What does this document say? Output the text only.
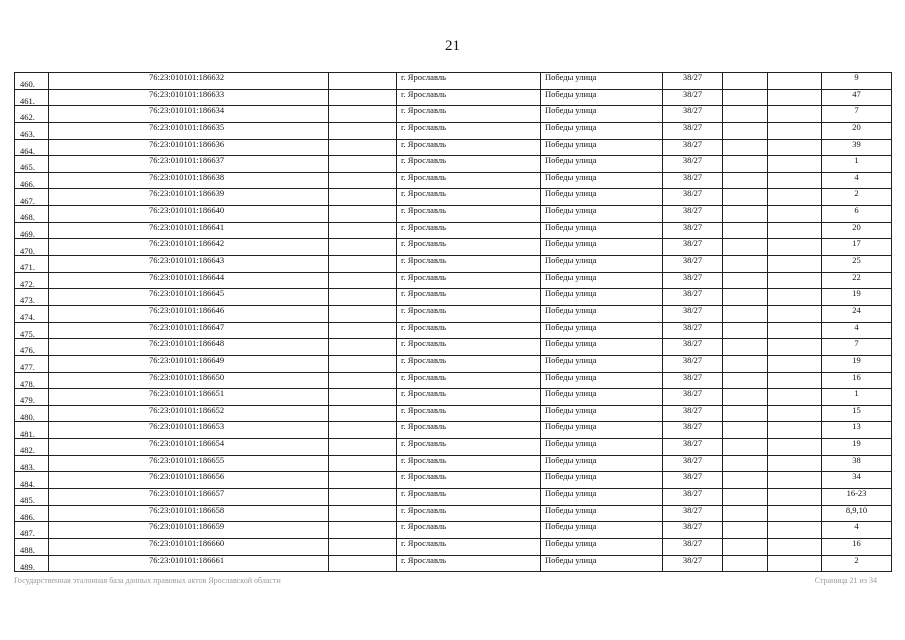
21
460.	76:23:010101:186632		г. Ярославль	Победы улица	38/27			9
461.	76:23:010101:186633		г. Ярославль	Победы улица	38/27			47
462.	76:23:010101:186634		г. Ярославль	Победы улица	38/27			7
463.	76:23:010101:186635		г. Ярославль	Победы улица	38/27			20
464.	76:23:010101:186636		г. Ярославль	Победы улица	38/27			39
465.	76:23:010101:186637		г. Ярославль	Победы улица	38/27			1
466.	76:23:010101:186638		г. Ярославль	Победы улица	38/27			4
467.	76:23:010101:186639		г. Ярославль	Победы улица	38/27			2
468.	76:23:010101:186640		г. Ярославль	Победы улица	38/27			6
469.	76:23:010101:186641		г. Ярославль	Победы улица	38/27			20
470.	76:23:010101:186642		г. Ярославль	Победы улица	38/27			17
471.	76:23:010101:186643		г. Ярославль	Победы улица	38/27			25
472.	76:23:010101:186644		г. Ярославль	Победы улица	38/27			22
473.	76:23:010101:186645		г. Ярославль	Победы улица	38/27			19
474.	76:23:010101:186646		г. Ярославль	Победы улица	38/27			24
475.	76:23:010101:186647		г. Ярославль	Победы улица	38/27			4
476.	76:23:010101:186648		г. Ярославль	Победы улица	38/27			7
477.	76:23:010101:186649		г. Ярославль	Победы улица	38/27			19
478.	76:23:010101:186650		г. Ярославль	Победы улица	38/27			16
479.	76:23:010101:186651		г. Ярославль	Победы улица	38/27			1
480.	76:23:010101:186652		г. Ярославль	Победы улица	38/27			15
481.	76:23:010101:186653		г. Ярославль	Победы улица	38/27			13
482.	76:23:010101:186654		г. Ярославль	Победы улица	38/27			19
483.	76:23:010101:186655		г. Ярославль	Победы улица	38/27			38
484.	76:23:010101:186656		г. Ярославль	Победы улица	38/27			34
485.	76:23:010101:186657		г. Ярославль	Победы улица	38/27			16-23
486.	76:23:010101:186658		г. Ярославль	Победы улица	38/27			8,9,10
487.	76:23:010101:186659		г. Ярославль	Победы улица	38/27			4
488.	76:23:010101:186660		г. Ярославль	Победы улица	38/27			16
489.	76:23:010101:186661		г. Ярославль	Победы улица	38/27			2
Государственная эталонная база данных правовых актов Ярославской области	Страница 21 из 34
